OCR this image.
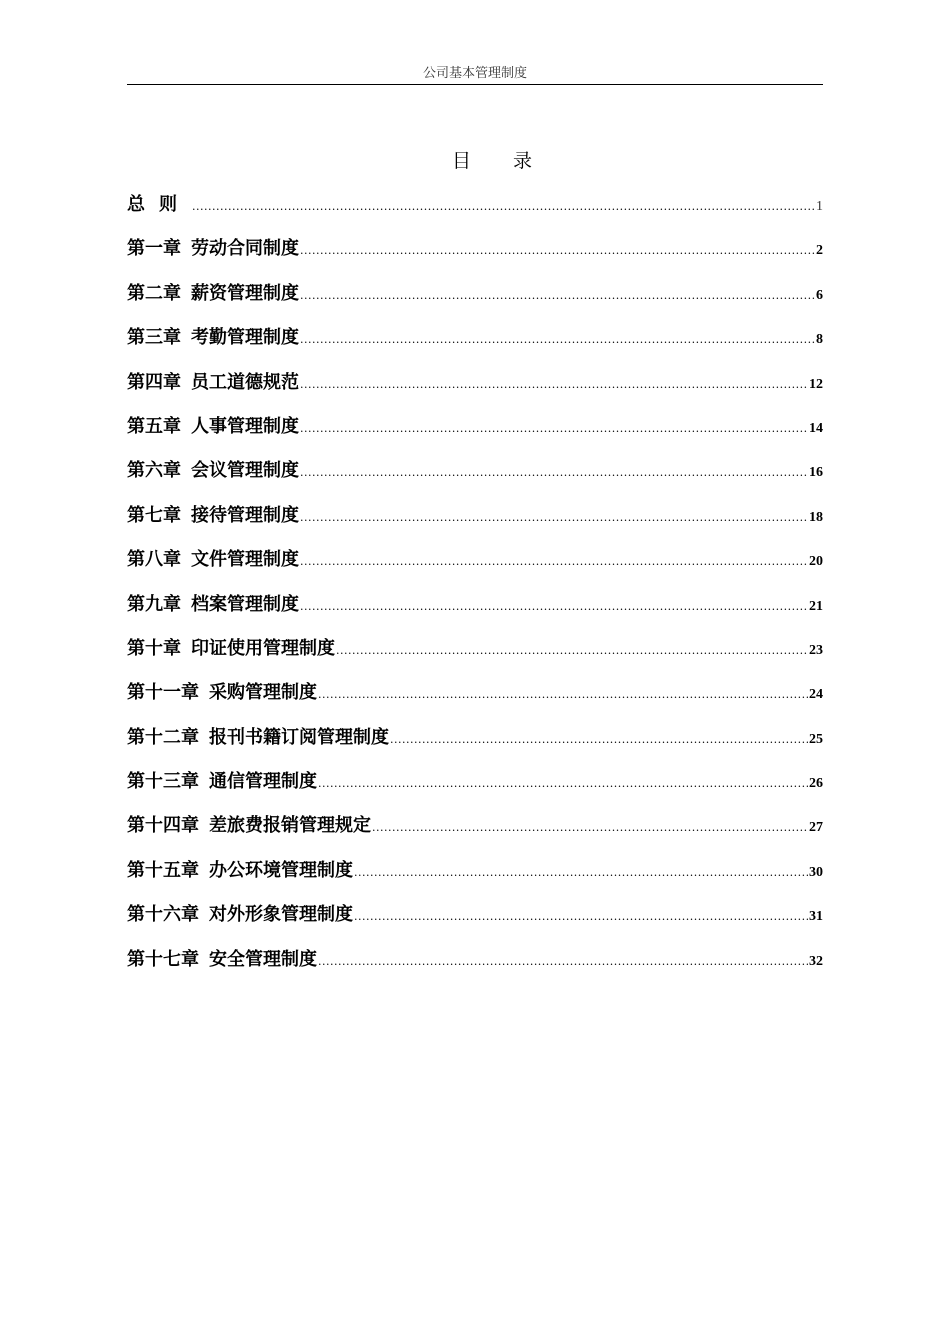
公司基本管理制度
目 录
总则 .....	1
第一章 劳动合同制度 .....	2
第二章 薪资管理制度 .....	6
第三章 考勤管理制度 .....	8
第四章 员工道德规范 .....	12
第五章 人事管理制度 .....	14
第六章 会议管理制度 .....	16
第七章 接待管理制度 .....	18
第八章 文件管理制度 .....	20
第九章 档案管理制度 .....	21
第十章 印证使用管理制度 .....	23
第十一章 采购管理制度 .....	24
第十二章 报刊书籍订阅管理制度 .....	25
第十三章 通信管理制度 .....	26
第十四章 差旅费报销管理规定 .....	27
第十五章 办公环境管理制度 .....	30
第十六章 对外形象管理制度 .....	31
第十七章 安全管理制度 .....	32
